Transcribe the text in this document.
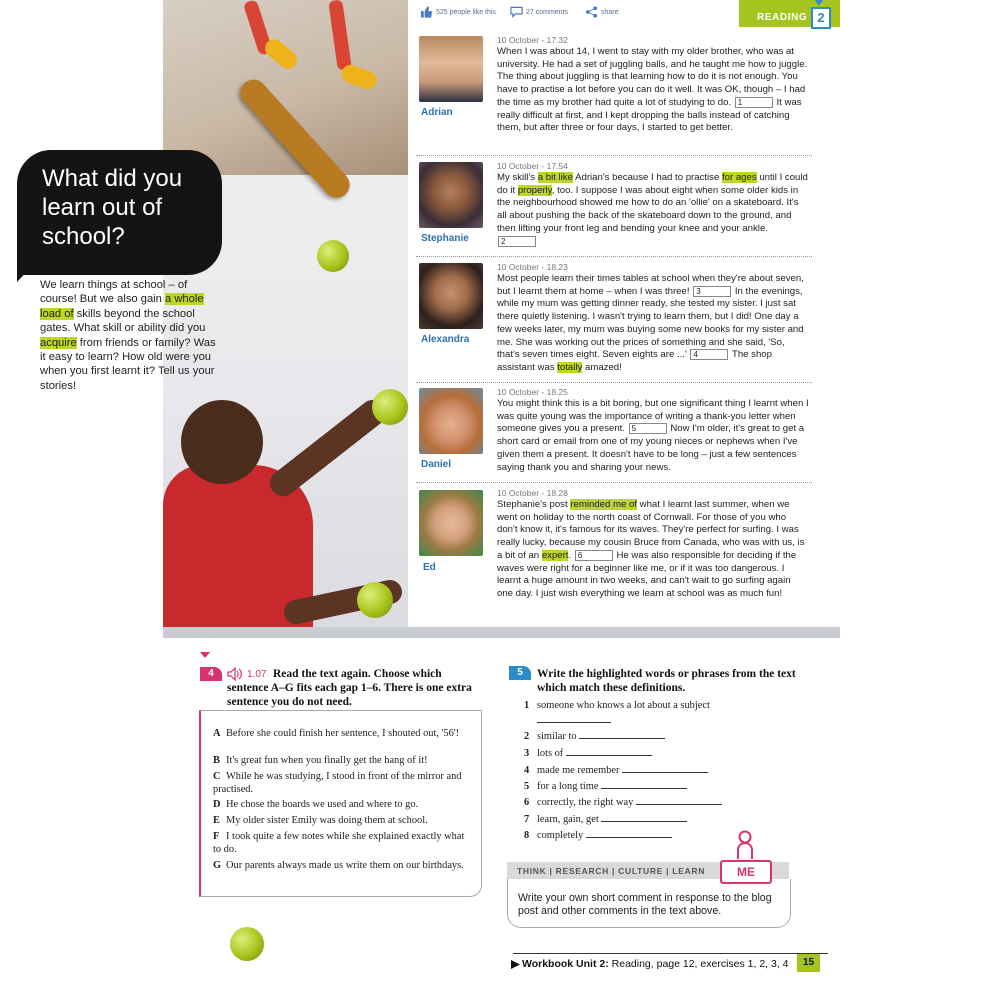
What did you
learn out of
school?
We learn things at school – of course! But we also gain a whole load of skills beyond the school gates. What skill or ability did you acquire from friends or family? Was it easy to learn? How old were you when you first learnt it? Tell us your stories!
525 people like this	27 comments	share	READING 2
Adrian
10 October - 17.32
When I was about 14, I went to stay with my older brother, who was at university. He had a set of juggling balls, and he taught me how to juggle. The thing about juggling is that learning how to do it is not enough. You have to practise a lot before you can do it well. It was OK, though – I had the time as my brother had quite a lot of studying to do. 1	It was really difficult at first, and I kept dropping the balls instead of catching them, but after three or four days, I started to get better.
Stephanie
10 October - 17.54
My skill's a bit like Adrian's because I had to practise for ages until I could do it properly, too. I suppose I was about eight when some older kids in the neighbourhood showed me how to do an 'ollie' on a skateboard. It's all about pushing the back of the skateboard down to the ground, and then lifting your front leg and bending your knee and your ankle. 2
Alexandra
10 October - 18.23
Most people learn their times tables at school when they're about seven, but I learnt them at home – when I was three! 3	In the evenings, while my mum was getting dinner ready, she tested my sister. I just sat there quietly listening. I wasn't trying to learn them, but I did! One day a few weeks later, my mum was buying some new books for my sister and me. She was working out the prices of something and she said, 'So, that's seven times eight. Seven eights are ...' 4	The shop assistant was totally amazed!
Daniel
10 October - 18.25
You might think this is a bit boring, but one significant thing I learnt when I was quite young was the importance of writing a thank-you letter when someone gives you a present. 5	Now I'm older, it's great to get a short card or email from one of my young nieces or nephews when I've given them a present. It doesn't have to be long – just a few sentences saying thank you and sharing your news.
Ed
10 October - 18.28
Stephanie's post reminded me of what I learnt last summer, when we went on holiday to the north coast of Cornwall. For those of you who don't know it, it's famous for its waves. They're perfect for surfing. I was really lucky, because my cousin Bruce from Canada, who was with us, is a bit of an expert. 6	He was also responsible for deciding if the waves were right for a beginner like me, or if it was too dangerous. I learnt a huge amount in two weeks, and can't wait to go surfing again one day. I just wish everything we learn at school was as much fun!
4	1.07 Read the text again. Choose which sentence A–G fits each gap 1–6. There is one extra sentence you do not need.
A Before she could finish her sentence, I shouted out, '56'!
B It's great fun when you finally get the hang of it!
C While he was studying, I stood in front of the mirror and practised.
D He chose the boards we used and where to go.
E My older sister Emily was doing them at school.
F I took quite a few notes while she explained exactly what to do.
G Our parents always made us write them on our birthdays.
5	Write the highlighted words or phrases from the text which match these definitions.
1 someone who knows a lot about a subject
2 similar to
3 lots of
4 made me remember
5 for a long time
6 correctly, the right way
7 learn, gain, get
8 completely
THINK | RESEARCH | CULTURE | LEARN	ME
Write your own short comment in response to the blog post and other comments in the text above.
Workbook Unit 2: Reading, page 12, exercises 1, 2, 3, 4	15
